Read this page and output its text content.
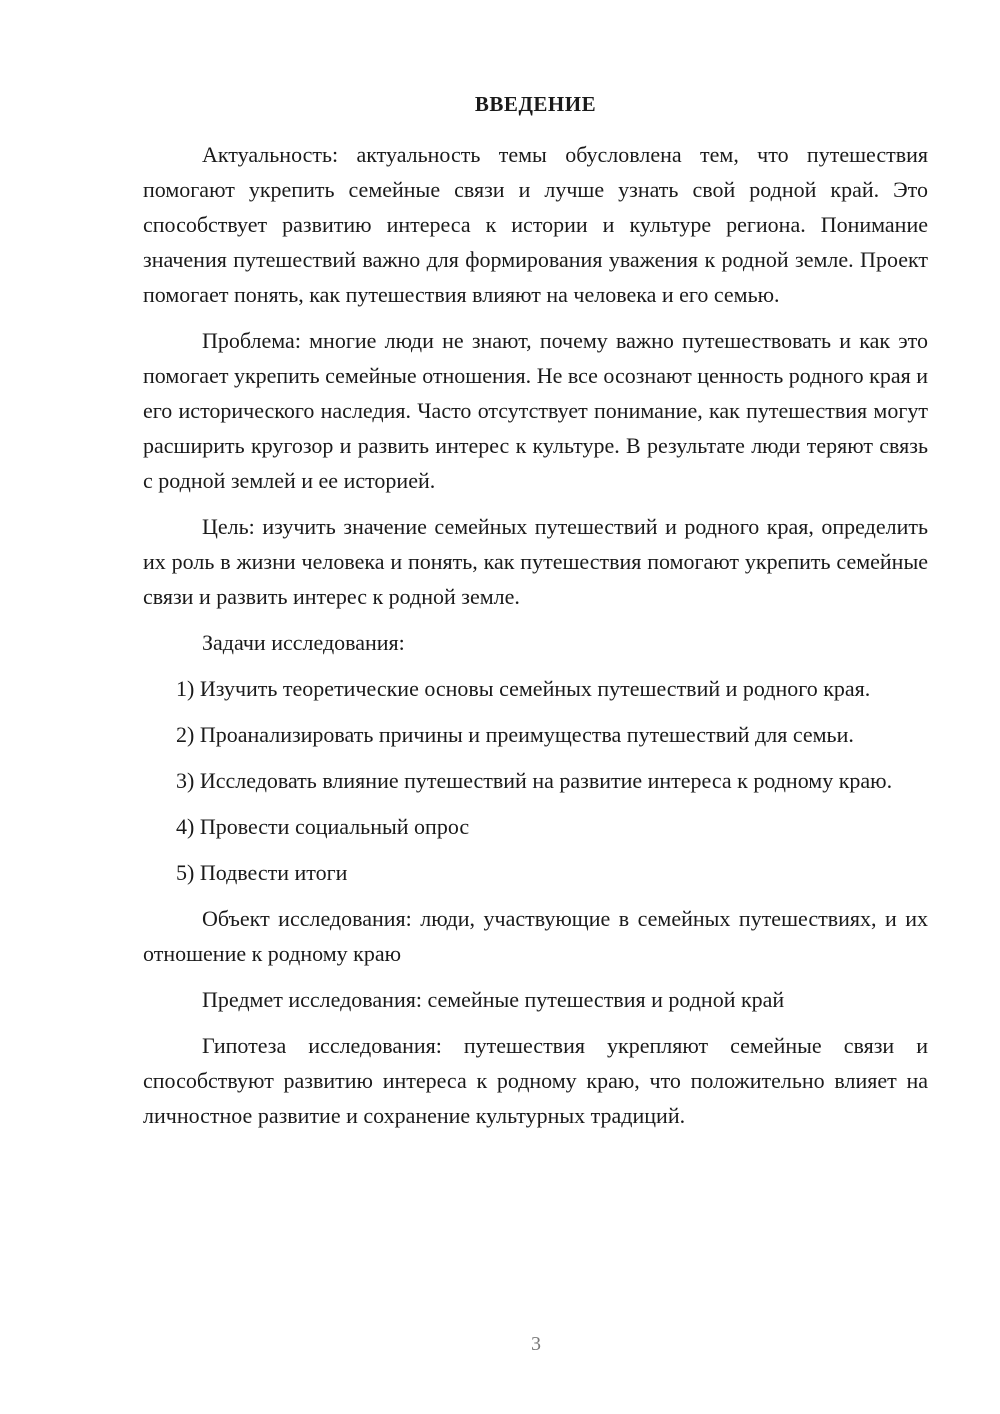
ВВЕДЕНИЕ

Актуальность: актуальность темы обусловлена тем, что путешествия помогают укрепить семейные связи и лучше узнать свой родной край. Это способствует развитию интереса к истории и культуре региона. Понимание значения путешествий важно для формирования уважения к родной земле. Проект помогает понять, как путешествия влияют на человека и его семью.

Проблема: многие люди не знают, почему важно путешествовать и как это помогает укрепить семейные отношения. Не все осознают ценность родного края и его исторического наследия. Часто отсутствует понимание, как путешествия могут расширить кругозор и развить интерес к культуре. В результате люди теряют связь с родной землей и ее историей.

Цель: изучить значение семейных путешествий и родного края, определить их роль в жизни человека и понять, как путешествия помогают укрепить семейные связи и развить интерес к родной земле.

Задачи исследования:

1) Изучить теоретические основы семейных путешествий и родного края.

2) Проанализировать причины и преимущества путешествий для семьи.

3) Исследовать влияние путешествий на развитие интереса к родному краю.

4) Провести социальный опрос

5) Подвести итоги

Объект исследования: люди, участвующие в семейных путешествиях, и их отношение к родному краю

Предмет исследования: семейные путешествия и родной край

Гипотеза исследования: путешествия укрепляют семейные связи и способствуют развитию интереса к родному краю, что положительно влияет на личностное развитие и сохранение культурных традиций.

3
